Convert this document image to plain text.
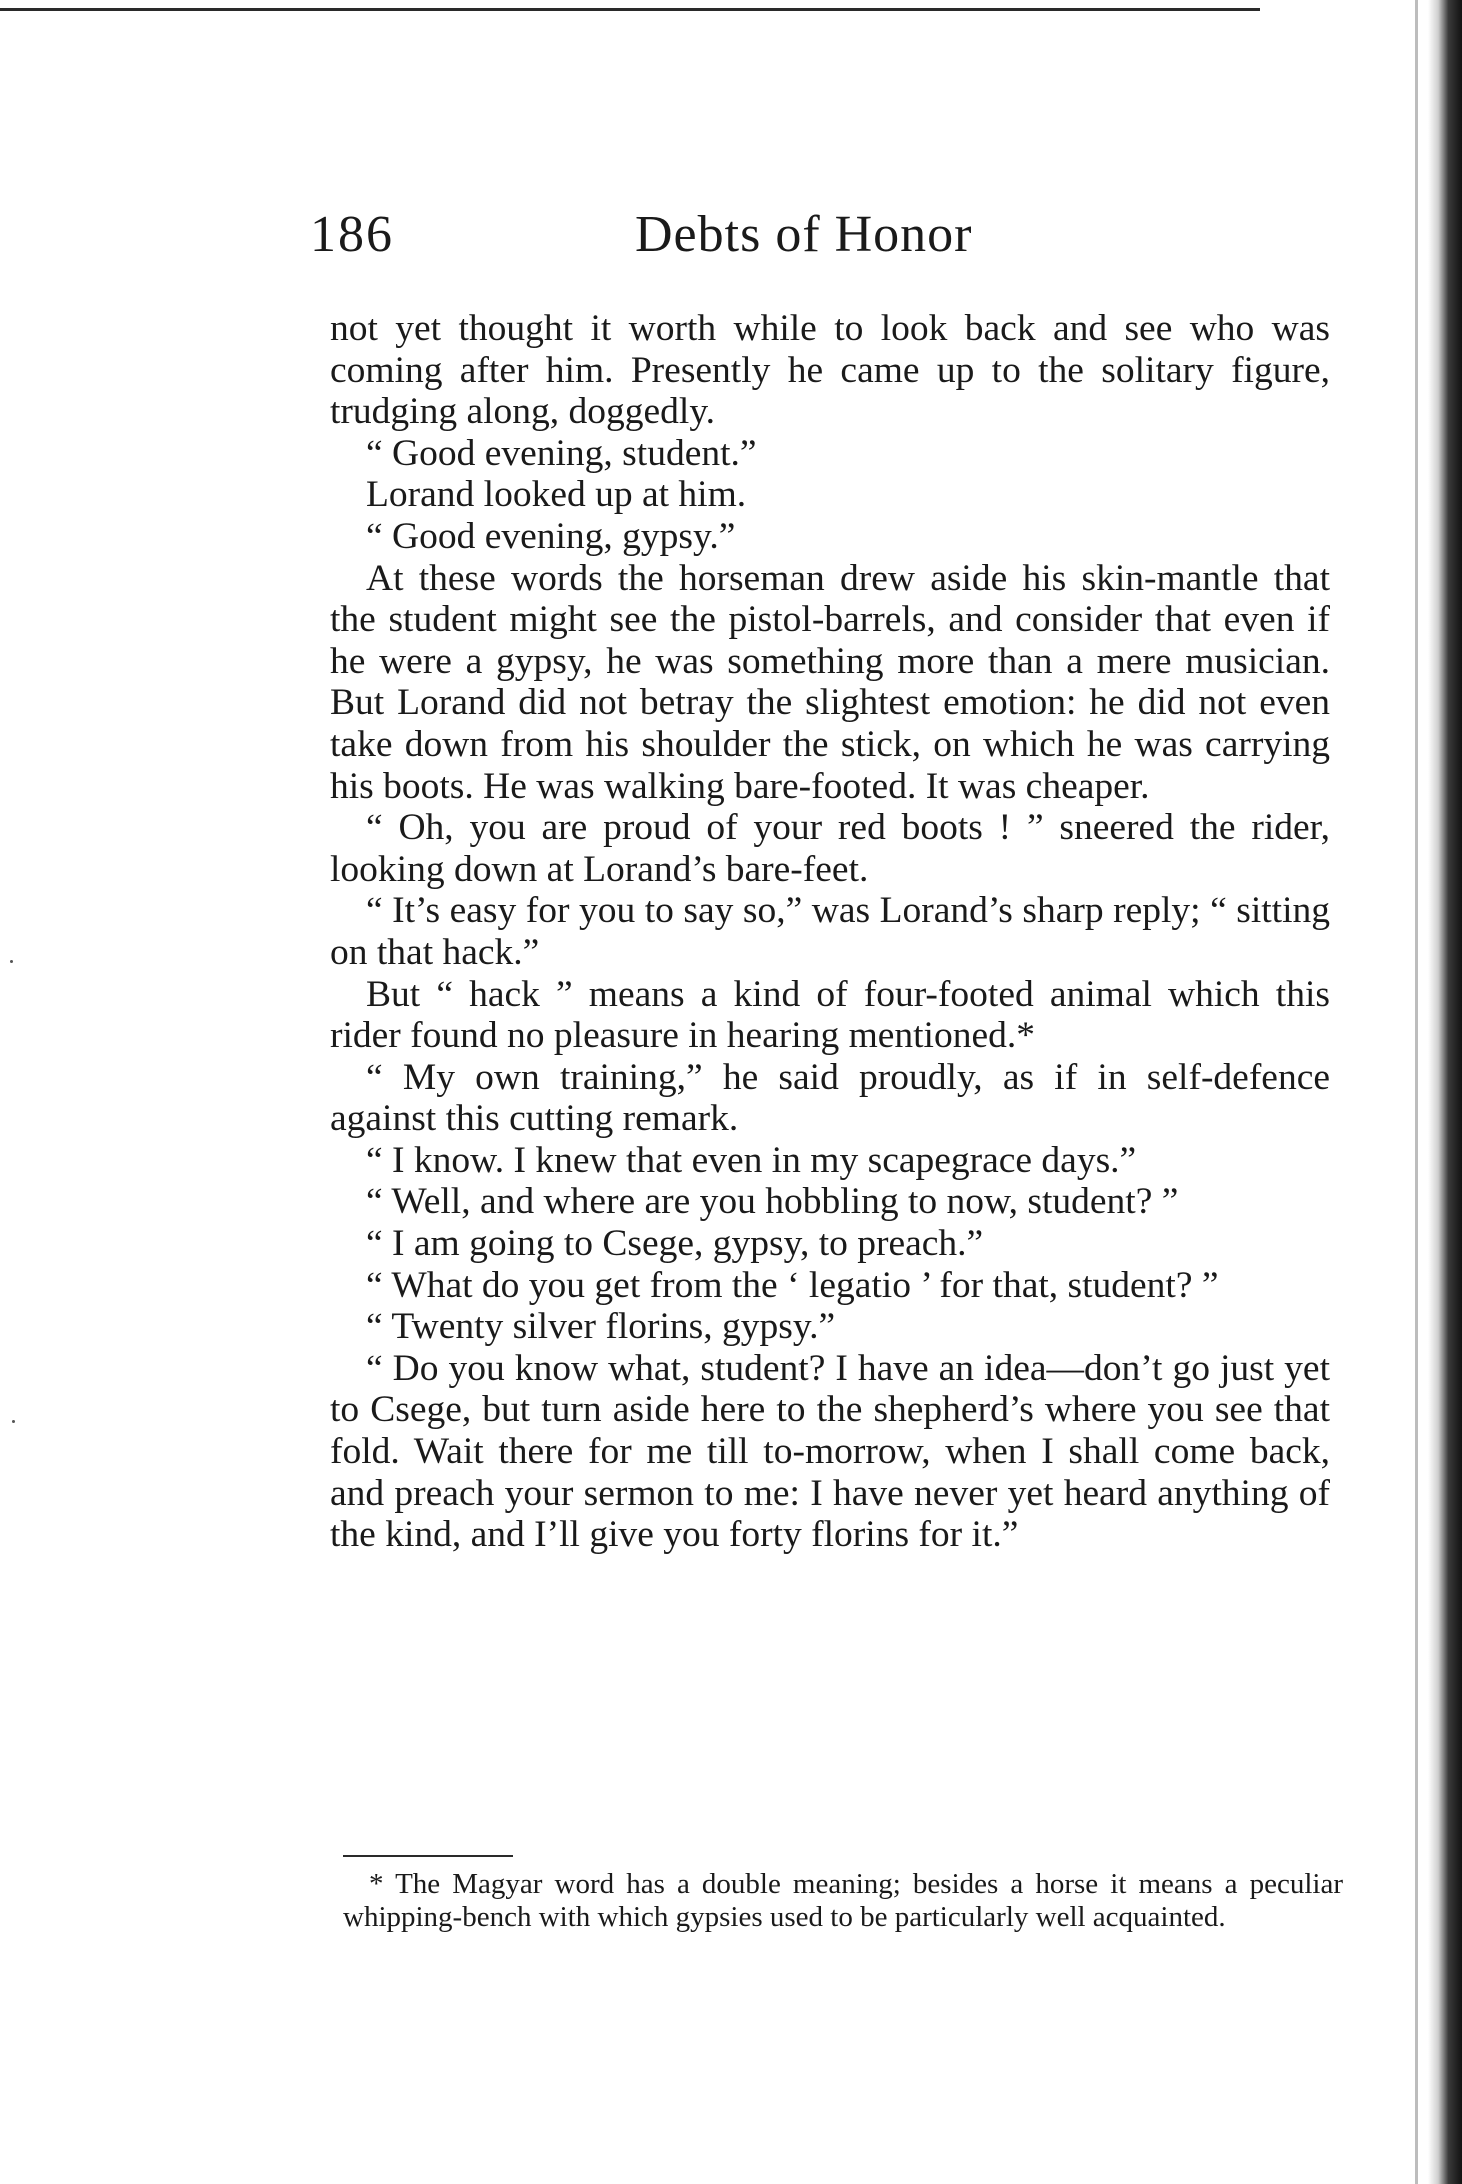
186	Debts of Honor

not yet thought it worth while to look back and see who was coming after him. Presently he came up to the solitary figure, trudging along, doggedly.

“ Good evening, student.”

Lorand looked up at him.

“ Good evening, gypsy.”

At these words the horseman drew aside his skin-mantle that the student might see the pistol-barrels, and consider that even if he were a gypsy, he was something more than a mere musician. But Lorand did not betray the slightest emotion: he did not even take down from his shoulder the stick, on which he was carrying his boots. He was walking bare-footed. It was cheaper.

“ Oh, you are proud of your red boots ! ” sneered the rider, looking down at Lorand’s bare-feet.

“ It’s easy for you to say so,” was Lorand’s sharp reply; “ sitting on that hack.”

But “ hack ” means a kind of four-footed animal which this rider found no pleasure in hearing mentioned.*

“ My own training,” he said proudly, as if in self-defence against this cutting remark.

“ I know. I knew that even in my scapegrace days.”

“ Well, and where are you hobbling to now, student? ”

“ I am going to Csege, gypsy, to preach.”

“ What do you get from the ‘ legatio ’ for that, student? ”

“ Twenty silver florins, gypsy.”

“ Do you know what, student? I have an idea—don’t go just yet to Csege, but turn aside here to the shepherd’s where you see that fold. Wait there for me till to-morrow, when I shall come back, and preach your sermon to me: I have never yet heard anything of the kind, and I’ll give you forty florins for it.”

* The Magyar word has a double meaning; besides a horse it means a peculiar whipping-bench with which gypsies used to be particularly well acquainted.
